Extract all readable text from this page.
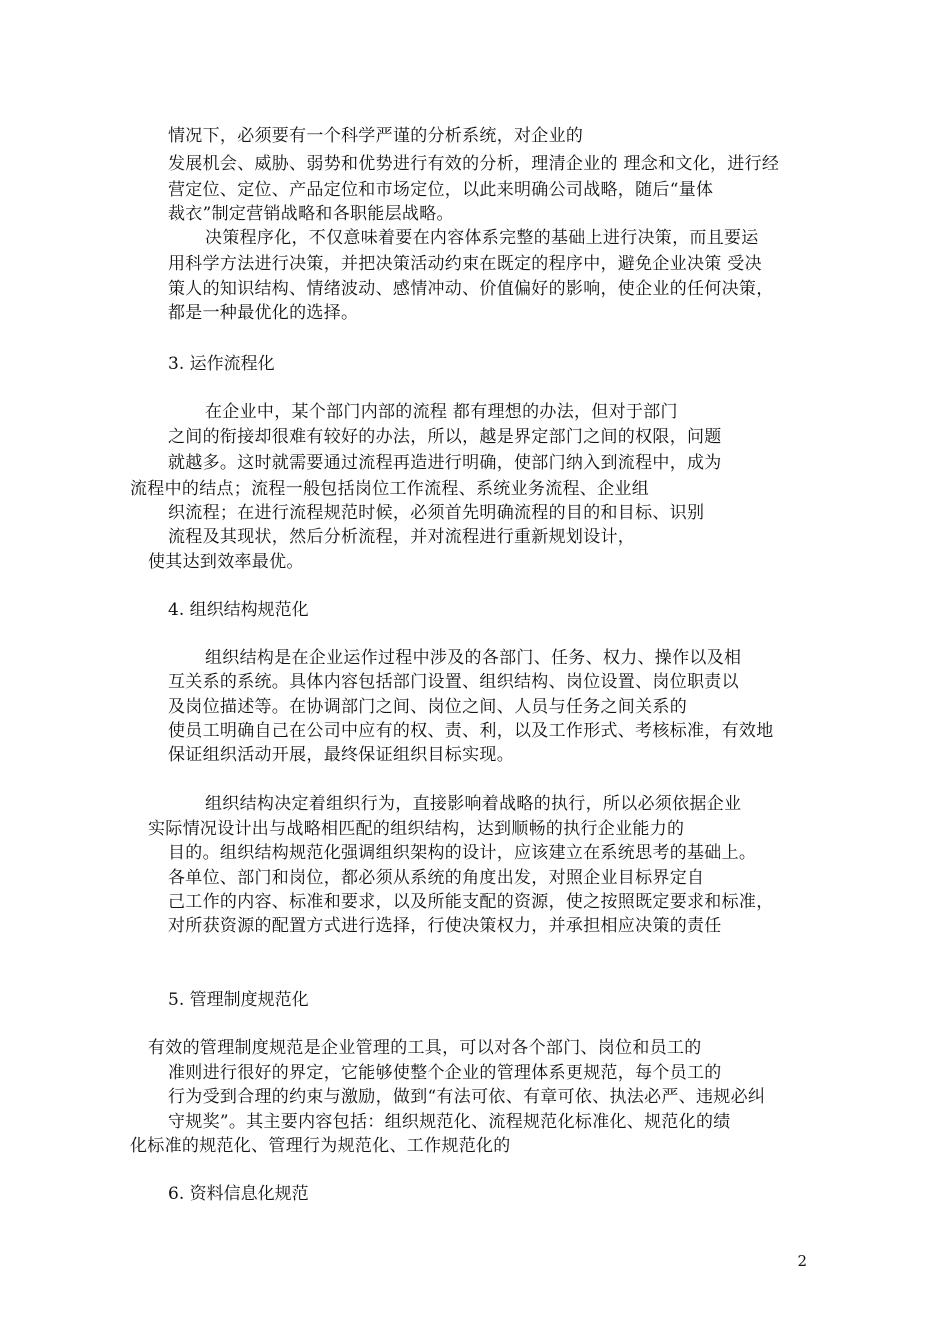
情况下，必须要有一个科学严谨的分析系统，对企业的
发展机会、威胁、弱势和优势进行有效的分析，理清企业的 理念和文化，进行经
营定位、定位、产品定位和市场定位，以此来明确公司战略，随后“量体
裁衣”制定营销战略和各职能层战略。
决策程序化，不仅意味着要在内容体系完整的基础上进行决策，而且要运
用科学方法进行决策，并把决策活动约束在既定的程序中，避免企业决策 受决
策人的知识结构、情绪波动、感情冲动、价值偏好的影响，使企业的任何决策，
都是一种最优化的选择。
3. 运作流程化
在企业中，某个部门内部的流程 都有理想的办法，但对于部门
之间的衔接却很难有较好的办法，所以，越是界定部门之间的权限，问题
就越多。这时就需要通过流程再造进行明确，使部门纳入到流程中，成为
流程中的结点；流程一般包括岗位工作流程、系统业务流程、企业组
织流程；在进行流程规范时候，必须首先明确流程的目的和目标、识别
流程及其现状，然后分析流程，并对流程进行重新规划设计，
使其达到效率最优。
4. 组织结构规范化
组织结构是在企业运作过程中涉及的各部门、任务、权力、操作以及相
互关系的系统。具体内容包括部门设置、组织结构、岗位设置、岗位职责以
及岗位描述等。在协调部门之间、岗位之间、人员与任务之间关系的
使员工明确自己在公司中应有的权、责、利，以及工作形式、考核标准，有效地
保证组织活动开展，最终保证组织目标实现。
组织结构决定着组织行为，直接影响着战略的执行，所以必须依据企业
实际情况设计出与战略相匹配的组织结构，达到顺畅的执行企业能力的
目的。组织结构规范化强调组织架构的设计，应该建立在系统思考的基础上。
各单位、部门和岗位，都必须从系统的角度出发，对照企业目标界定自
己工作的内容、标准和要求，以及所能支配的资源，使之按照既定要求和标准，
对所获资源的配置方式进行选择，行使决策权力，并承担相应决策的责任
5. 管理制度规范化
有效的管理制度规范是企业管理的工具，可以对各个部门、岗位和员工的
准则进行很好的界定，它能够使整个企业的管理体系更规范，每个员工的
行为受到合理的约束与激励，做到“有法可依、有章可依、执法必严、违规必纠
守规奖”。其主要内容包括：组织规范化、流程规范化标准化、规范化的绩
化标准的规范化、管理行为规范化、工作规范化的
6. 资料信息化规范
2
